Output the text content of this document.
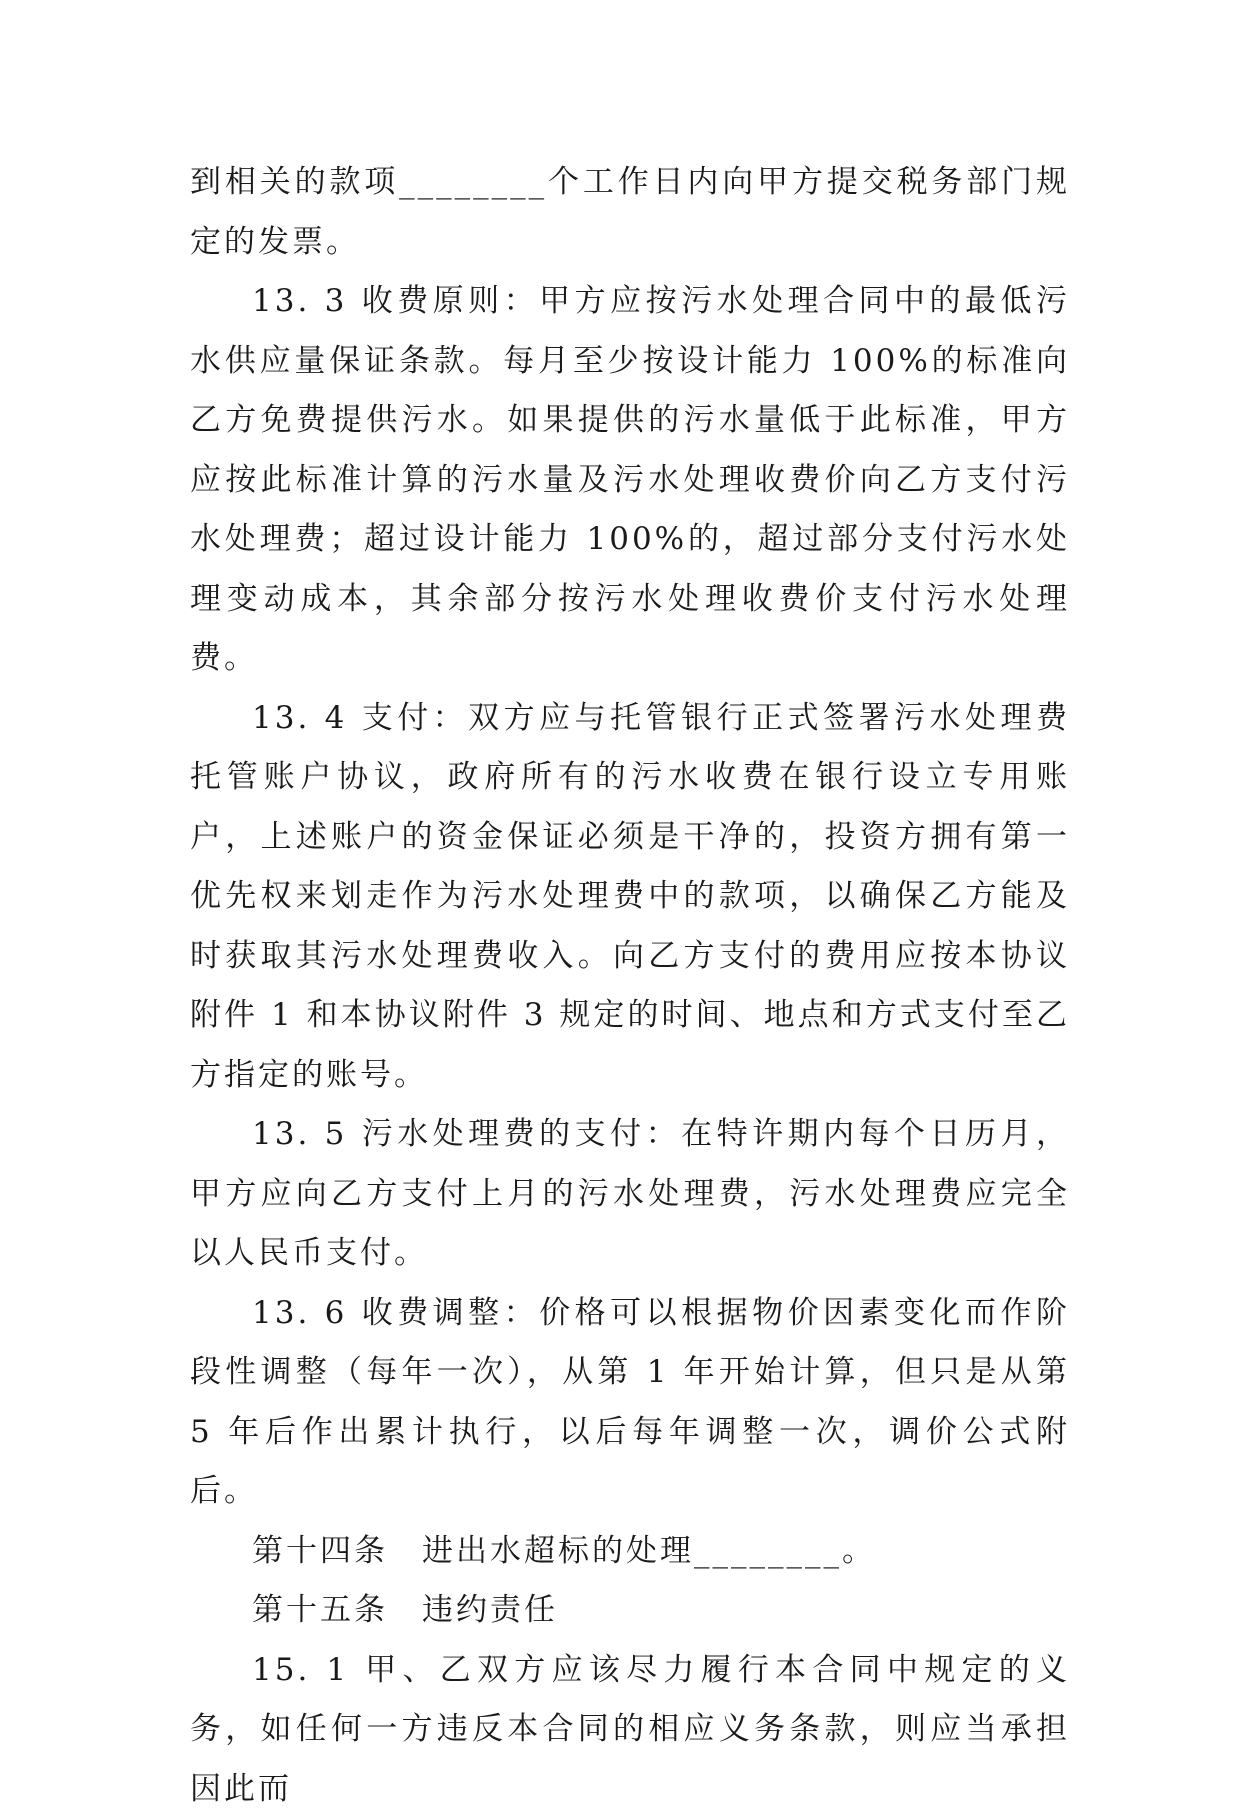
到相关的款项________个工作日内向甲方提交税务部门规定的发票。

13. 3 收费原则：甲方应按污水处理合同中的最低污水供应量保证条款。每月至少按设计能力 100%的标准向乙方免费提供污水。如果提供的污水量低于此标准，甲方应按此标准计算的污水量及污水处理收费价向乙方支付污水处理费；超过设计能力 100%的，超过部分支付污水处理变动成本，其余部分按污水处理收费价支付污水处理费。

13. 4 支付：双方应与托管银行正式签署污水处理费托管账户协议，政府所有的污水收费在银行设立专用账户，上述账户的资金保证必须是干净的，投资方拥有第一优先权来划走作为污水处理费中的款项，以确保乙方能及时获取其污水处理费收入。向乙方支付的费用应按本协议附件 1 和本协议附件 3 规定的时间、地点和方式支付至乙方指定的账号。

13. 5 污水处理费的支付：在特许期内每个日历月，甲方应向乙方支付上月的污水处理费，污水处理费应完全以人民币支付。

13. 6 收费调整：价格可以根据物价因素变化而作阶段性调整（每年一次），从第 1 年开始计算，但只是从第 5 年后作出累计执行，以后每年调整一次，调价公式附后。

第十四条　进出水超标的处理________。

第十五条　违约责任

15. 1 甲、乙双方应该尽力履行本合同中规定的义务，如任何一方违反本合同的相应义务条款，则应当承担因此而
